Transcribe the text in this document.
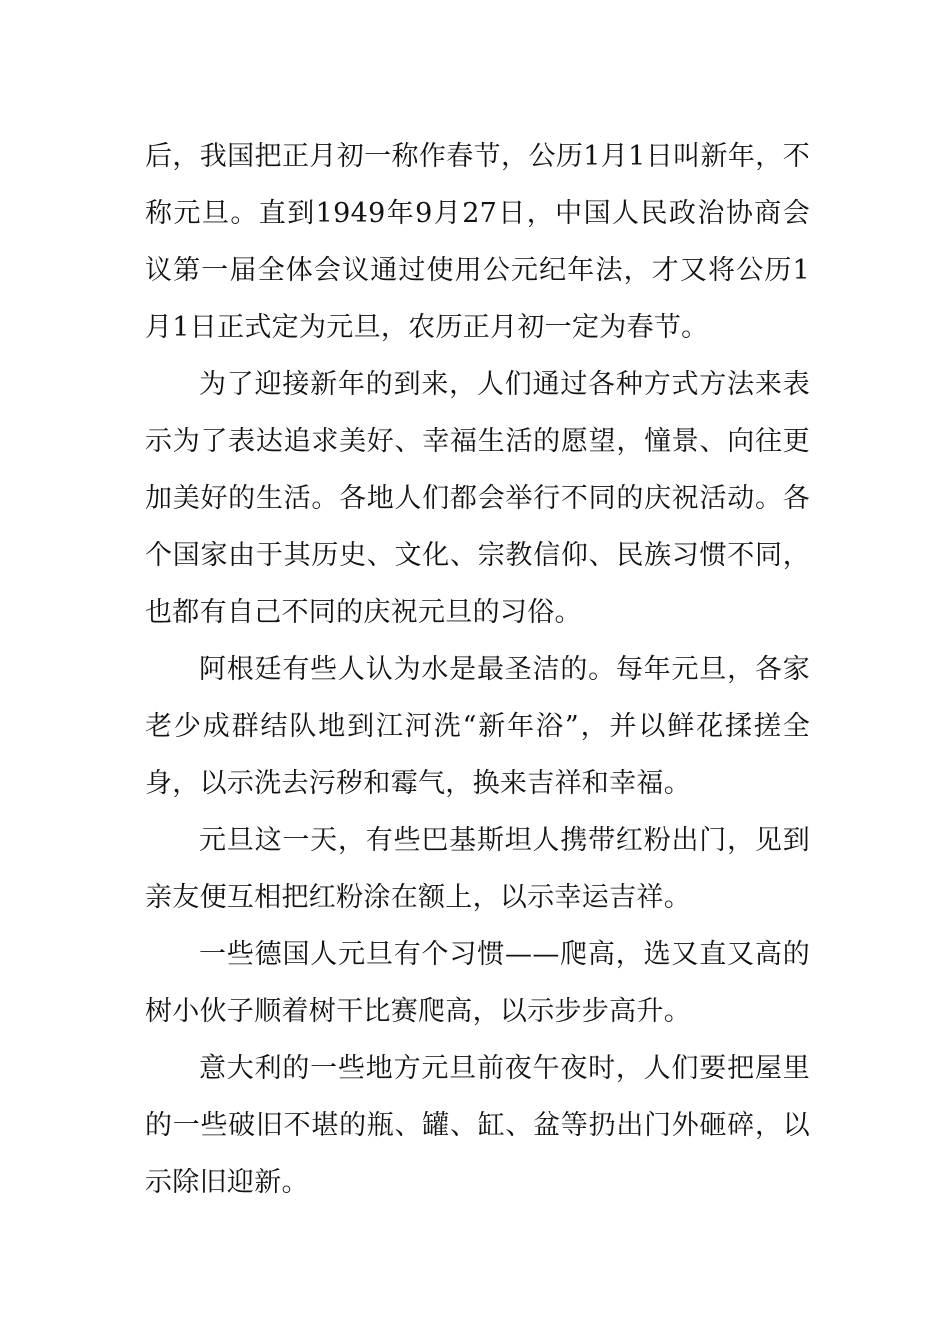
后，我国把正月初一称作春节，公历1月1日叫新年，不称元旦。直到1949年9月27日，中国人民政治协商会议第一届全体会议通过使用公元纪年法，才又将公历1月1日正式定为元旦，农历正月初一定为春节。

为了迎接新年的到来，人们通过各种方式方法来表示为了表达追求美好、幸福生活的愿望，憧景、向往更加美好的生活。各地人们都会举行不同的庆祝活动。各个国家由于其历史、文化、宗教信仰、民族习惯不同，也都有自己不同的庆祝元旦的习俗。

阿根廷有些人认为水是最圣洁的。每年元旦，各家老少成群结队地到江河洗“新年浴”，并以鲜花揉搓全身，以示洗去污秽和霉气，换来吉祥和幸福。

元旦这一天，有些巴基斯坦人携带红粉出门，见到亲友便互相把红粉涂在额上，以示幸运吉祥。

一些德国人元旦有个习惯——爬高，选又直又高的树小伙子顺着树干比赛爬高，以示步步高升。

意大利的一些地方元旦前夜午夜时，人们要把屋里的一些破旧不堪的瓶、罐、缸、盆等扔出门外砸碎，以示除旧迎新。
